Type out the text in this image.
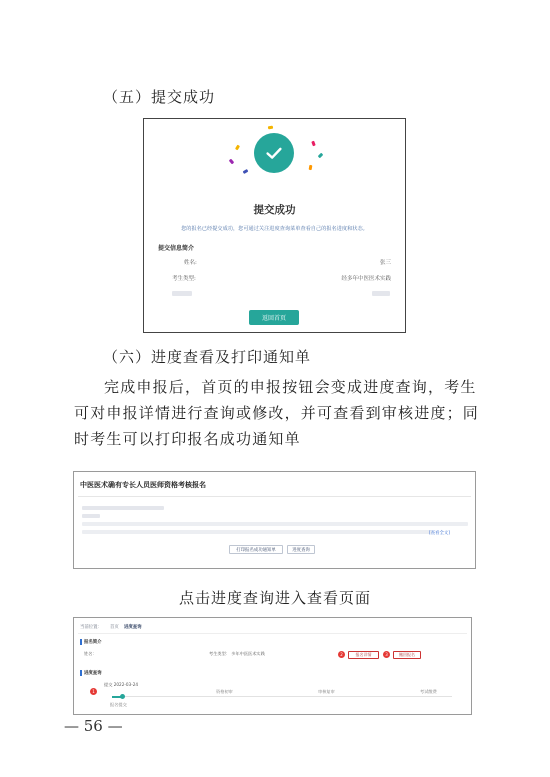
（五）提交成功
提交成功
您的报名已经提交成功，您可通过关注进度查询菜单查看自己的报名进度和状态。
提交信息简介
姓名:	张三
考生类型:	经多年中医医术实践
返回首页
（六）进度查看及打印通知单
完成申报后，首页的申报按钮会变成进度查询，考生可对申报详情进行查询或修改，并可查看到审核进度；同时考生可以打印报名成功通知单
中医医术确有专长人员医师资格考核报名
[查看全文]
打印报名成功通知单	进度查询
点击进度查询进入查看页面
当前位置： 首页 进度查询
报名简介
姓名：	考生类型： 多年中医医术实践	2	报名详情	3	撤回报名
进度查询
提交 2022-03-24
1
报名提交
资格初审	审核复审	考试缴费
— 56 —
